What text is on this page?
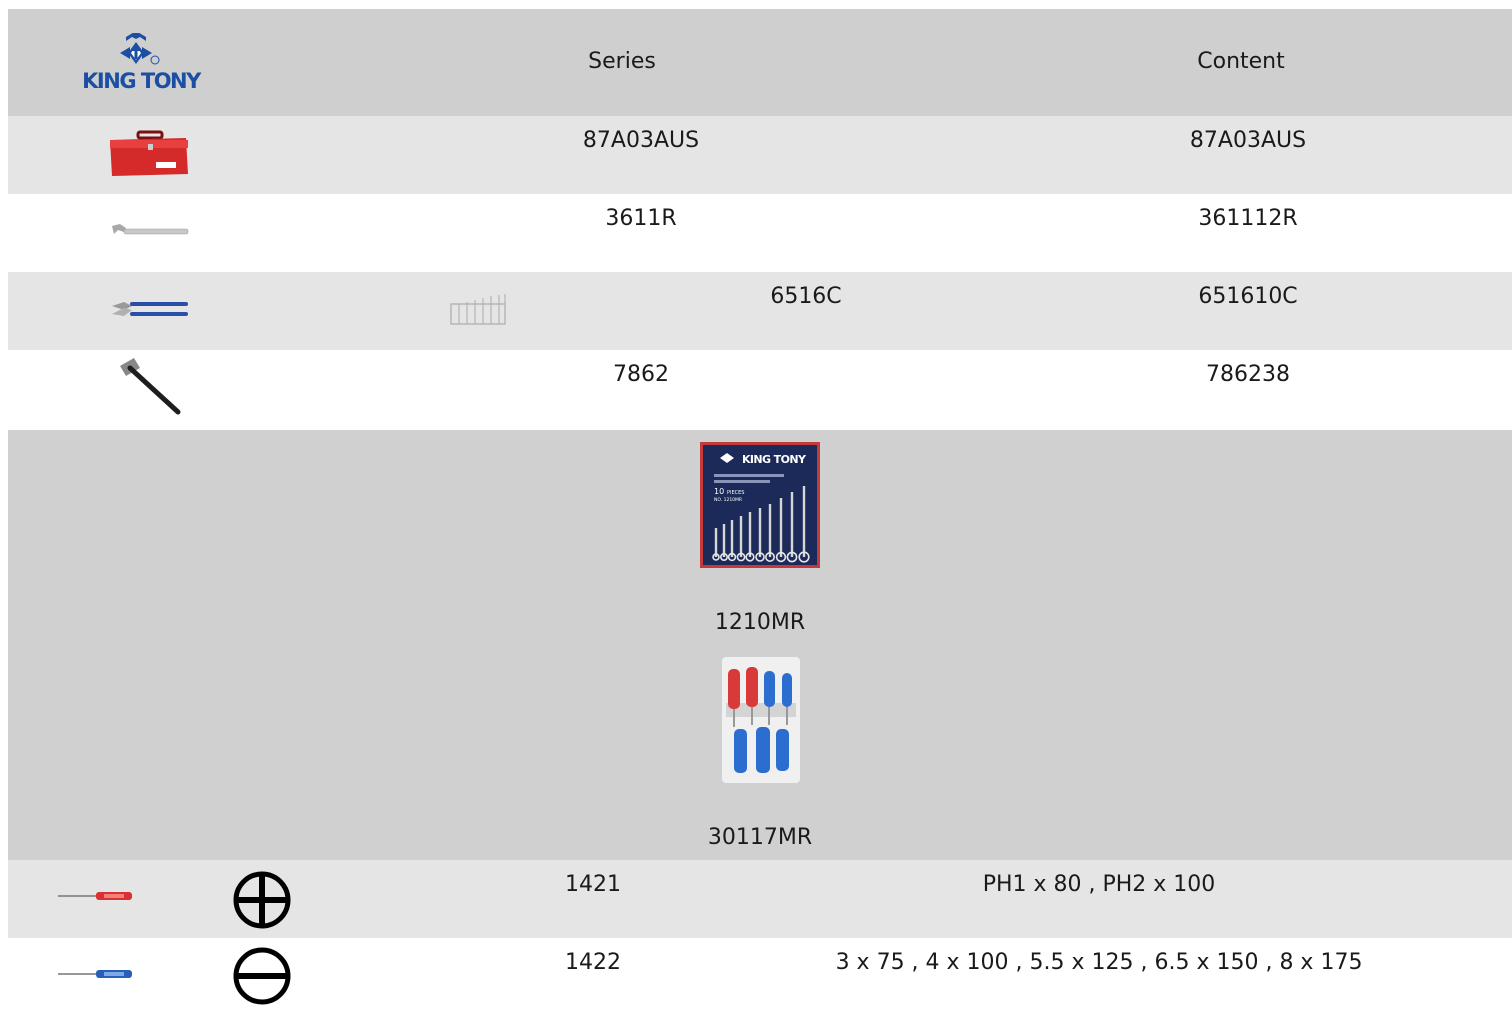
KING TONY
Series	Content
87A03AUS	87A03AUS
3611R	361112R
6516C	651610C
7862	786238
KING TONY
10 PIECES
NO. 1210MR
1210MR
30117MR
1421	PH1 x 80 , PH2 x 100
1422	3 x 75 , 4 x 100 , 5.5 x 125 , 6.5 x 150 , 8 x 175
